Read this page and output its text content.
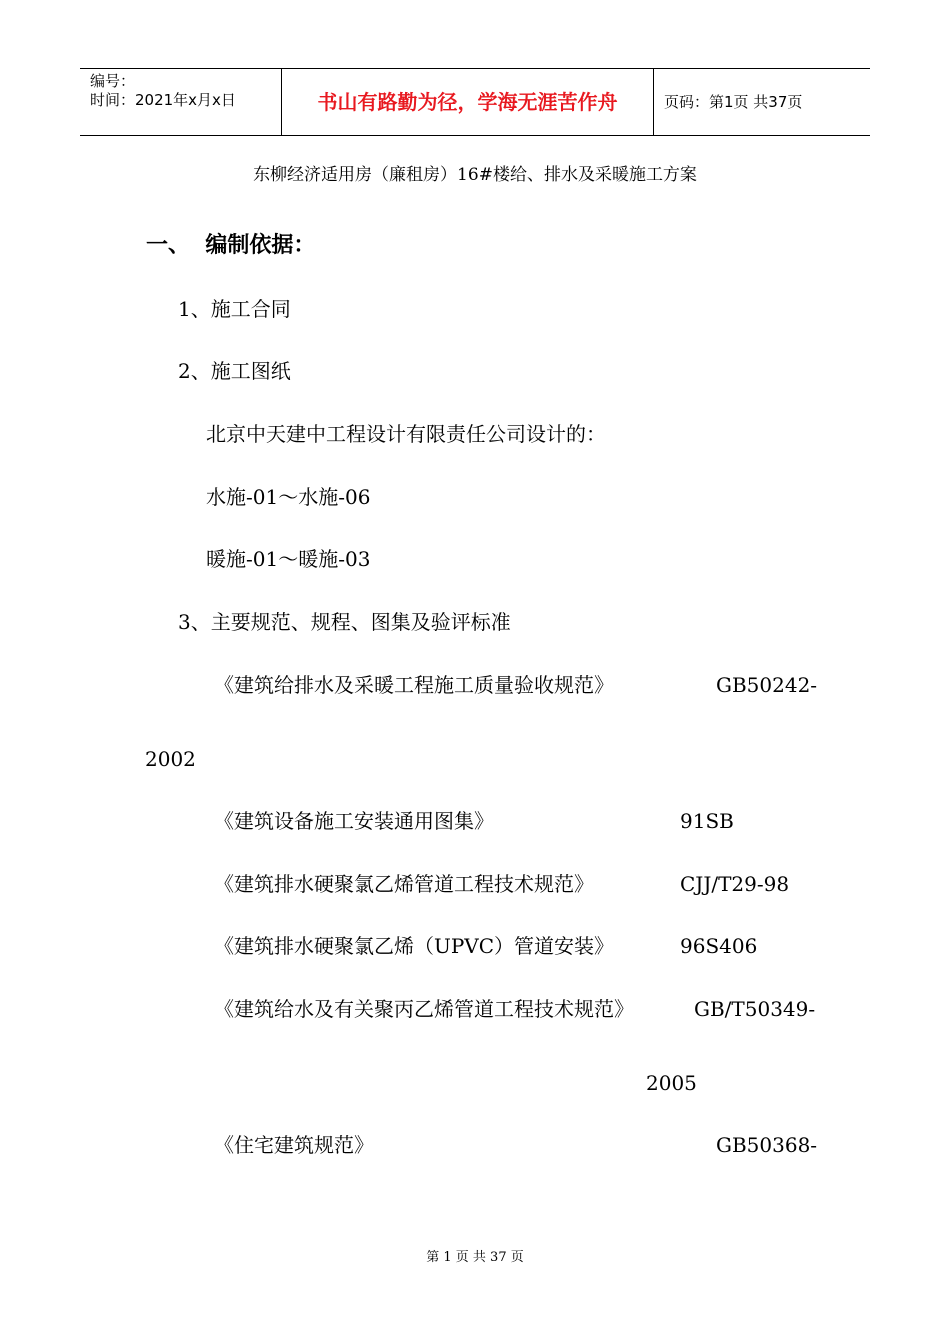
编号：
时间：2021年x月x日	书山有路勤为径，学海无涯苦作舟	页码：第1页 共37页
东柳经济适用房（廉租房）16#楼给、排水及采暖施工方案
一、  编制依据：
1、施工合同
2、施工图纸
北京中天建中工程设计有限责任公司设计的：
水施-01～水施-06
暖施-01～暖施-03
3、主要规范、规程、图集及验评标准
《建筑给排水及采暖工程施工质量验收规范》	GB50242-
2002
《建筑设备施工安装通用图集》	91SB
《建筑排水硬聚氯乙烯管道工程技术规范》	CJJ/T29-98
《建筑排水硬聚氯乙烯（UPVC）管道安装》	96S406
《建筑给水及有关聚丙乙烯管道工程技术规范》	GB/T50349-
2005
《住宅建筑规范》	GB50368-
第 1 页 共 37 页
